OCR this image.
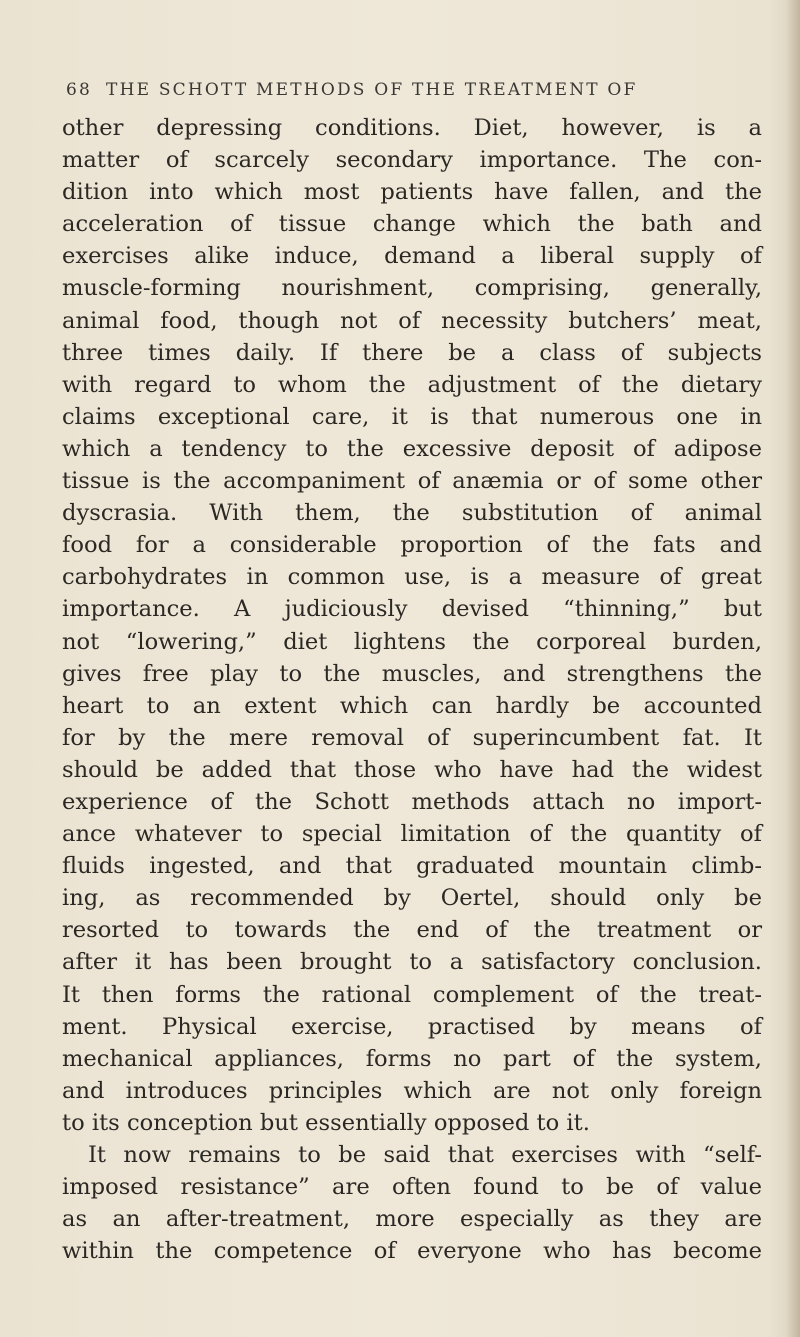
68 THE SCHOTT METHODS OF THE TREATMENT OF
other depressing conditions. Diet, however, is a
matter of scarcely secondary importance. The con-
dition into which most patients have fallen, and the
acceleration of tissue change which the bath and
exercises alike induce, demand a liberal supply of
muscle-forming nourishment, comprising, generally,
animal food, though not of necessity butchers’ meat,
three times daily. If there be a class of subjects
with regard to whom the adjustment of the dietary
claims exceptional care, it is that numerous one in
which a tendency to the excessive deposit of adipose
tissue is the accompaniment of anæmia or of some other
dyscrasia. With them, the substitution of animal
food for a considerable proportion of the fats and
carbohydrates in common use, is a measure of great
importance. A judiciously devised “thinning,” but
not “lowering,” diet lightens the corporeal burden,
gives free play to the muscles, and strengthens the
heart to an extent which can hardly be accounted
for by the mere removal of superincumbent fat. It
should be added that those who have had the widest
experience of the Schott methods attach no import-
ance whatever to special limitation of the quantity of
fluids ingested, and that graduated mountain climb-
ing, as recommended by Oertel, should only be
resorted to towards the end of the treatment or
after it has been brought to a satisfactory conclusion.
It then forms the rational complement of the treat-
ment. Physical exercise, practised by means of
mechanical appliances, forms no part of the system,
and introduces principles which are not only foreign
to its conception but essentially opposed to it.
It now remains to be said that exercises with “self-
imposed resistance” are often found to be of value
as an after-treatment, more especially as they are
within the competence of everyone who has become
